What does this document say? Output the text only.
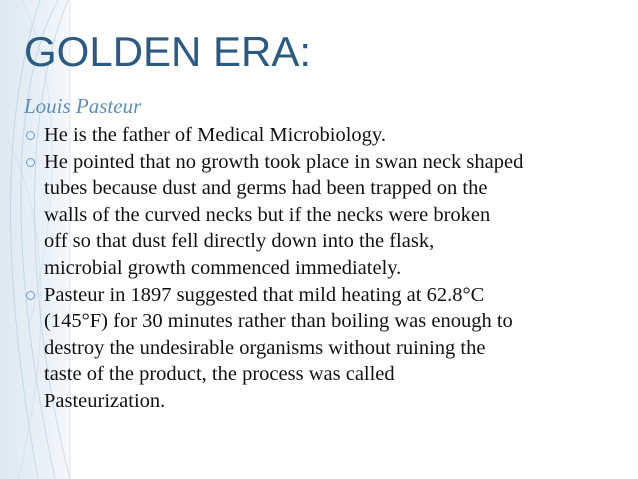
GOLDEN ERA:

Louis Pasteur

He is the father of Medical Microbiology.
He pointed that no growth took place in swan neck shaped
tubes because dust and germs had been trapped on the
walls of the curved necks but if the necks were broken
off so that dust fell directly down into the flask,
microbial growth commenced immediately.
Pasteur in 1897 suggested that mild heating at 62.8°C
(145°F) for 30 minutes rather than boiling was enough to
destroy the undesirable organisms without ruining the
taste of the product, the process was called
Pasteurization.
